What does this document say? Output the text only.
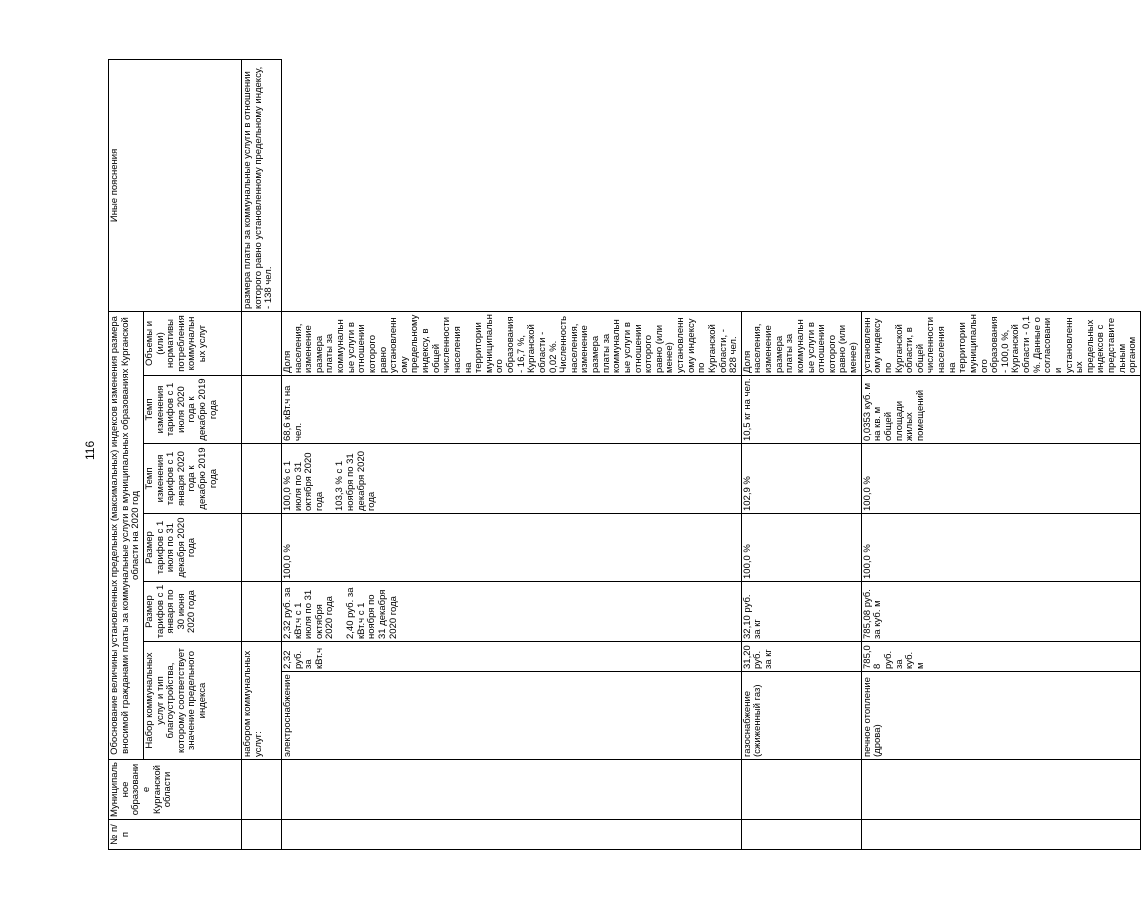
116
№ п/п	Муниципальное образование Курганской области	Обоснование величины установленных предельных (максимальных) индексов изменения размера вносимой гражданами платы за коммунальные услуги в муниципальных образованиях Курганской области на 2020 год							Иные пояснения
		Набор коммунальных услуг и тип благоустройства, которому соответствует значение предельного индекса		Размер тарифов с 1 января по 30 июня 2020 года	Размер тарифов с 1 июля по 31 декабря 2020 года	Темп изменения тарифов с 1 января 2020 года к декабрю 2019 года	Темп изменения тарифов с 1 июля 2020 года к декабрю 2019 года	Объемы и (или) нормативы потребления коммунальных услуг	
		набором коммунальных услуг:							размера платы за коммунальные услуги в отношении которого равно установленному предельному индексу, - 138 чел.
		электроснабжение	2,32 руб. за кВт.ч	2,32 руб. за кВт.ч с 1 июля по 31 октября 2020 года 2,40 руб. за кВт.ч с 1 ноября по 31 декабря 2020 года	100,0 %	100,0 % с 1 июля по 31 октября 2020 года 103,3 % с 1 ноября по 31 декабря 2020 года	68,6 кВт.ч на чел.	Доля населения, изменение размера платы за коммунальные услуги в отношении которого равно установленному предельному индексу, в общей численности населения на территории муниципального образования - 16,7 %, Курганской области - 0,02 %. Численность населения, изменение размера платы за коммунальные услуги в отношении которого равно (или менее) установленному индексу по Курганской области, - 828 чел.	
		газоснабжение (сжиженный газ)	31,20 руб. за кг	32,10 руб. за кг	100,0 %	102,9 %	10,5 кг на чел.	Доля населения, изменение размера платы за коммунальные услуги в отношении которого равно (или менее)	
		печное отопление (дрова)	785,08 руб. за куб. м	785,08 руб. за куб. м	100,0 %	100,0 %	0,0353 куб. м на кв. м общей площади жилых помещений	установленному индексу по Курганской области, в общей численности населения на территории муниципального образования - 100,0 %, Курганской области - 0,1 %. Данные о согласовании установленных предельных индексов с представительным органом	
